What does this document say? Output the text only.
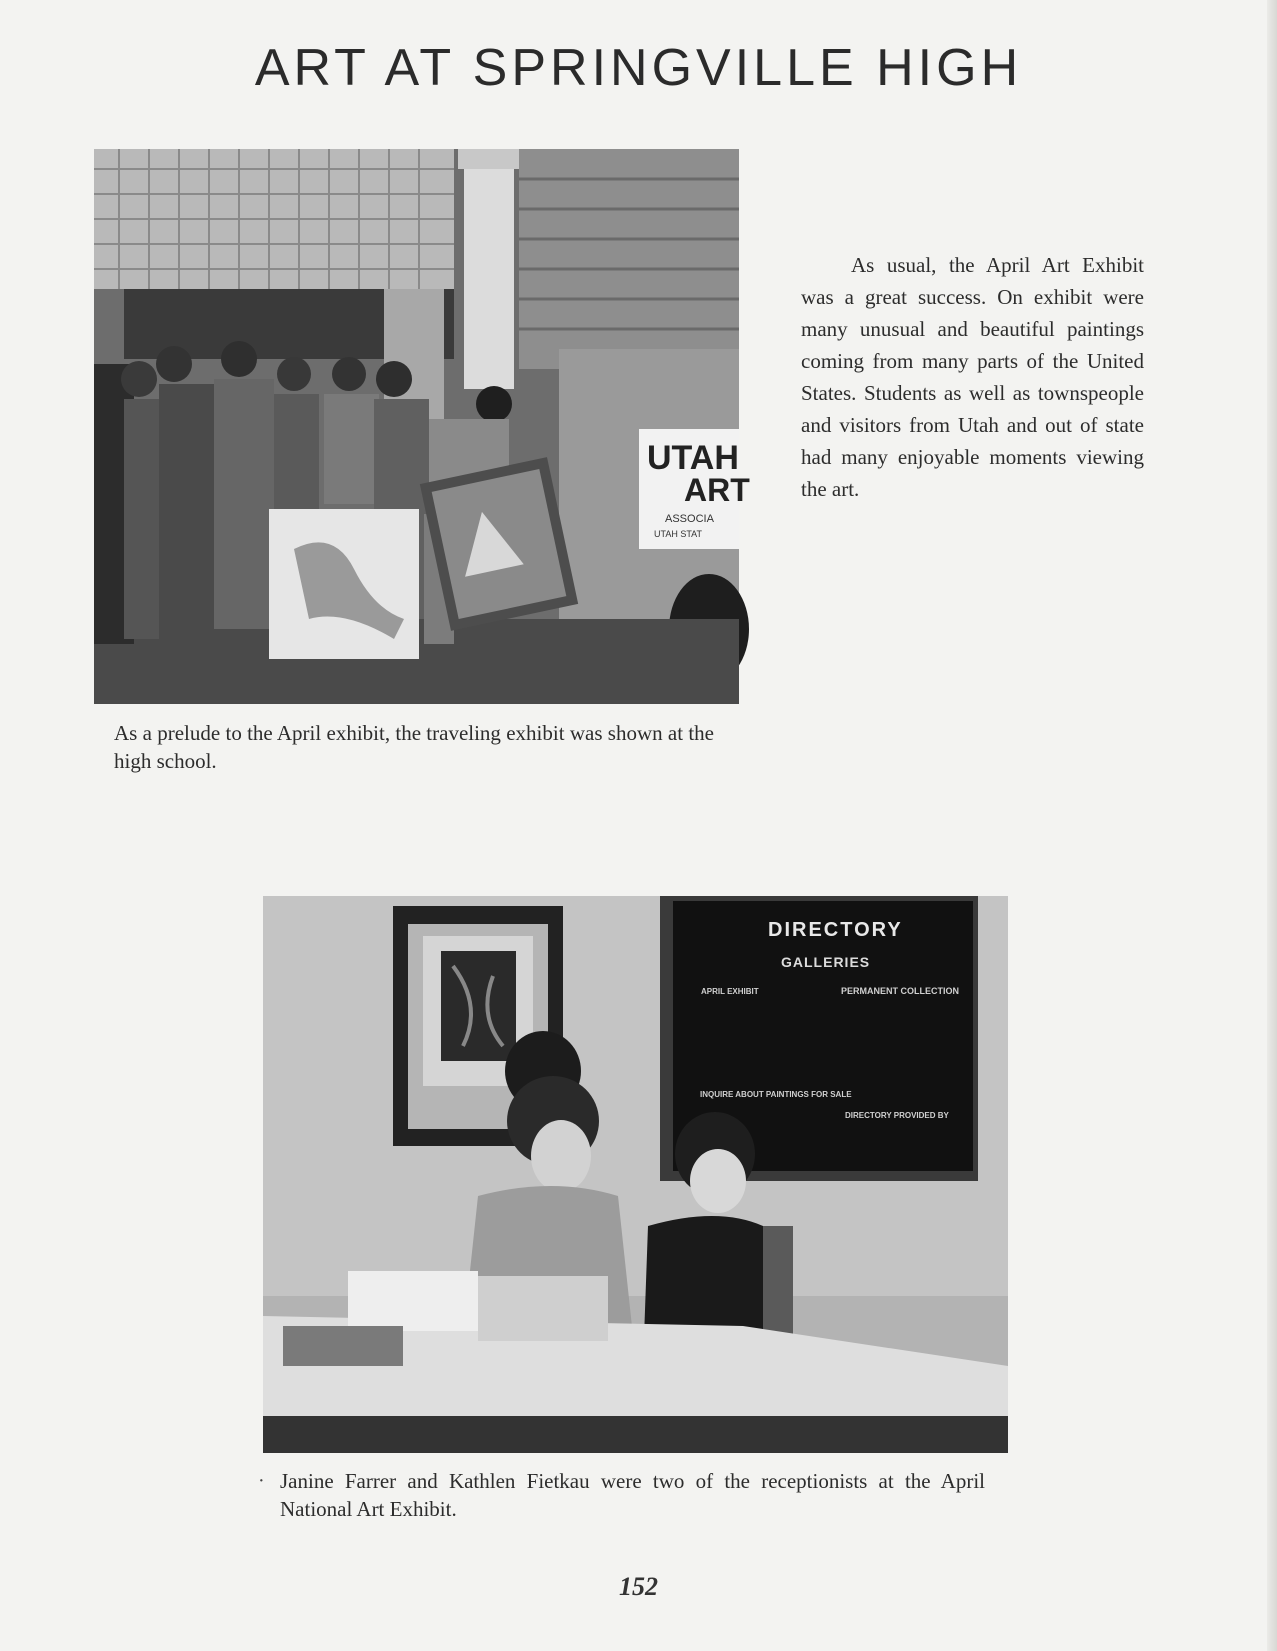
ART AT SPRINGVILLE HIGH
UTAH
ART
ASSOCIA
UTAH STAT
As a prelude to the April exhibit, the traveling exhibit was shown at the high school.
As usual, the April Art Exhibit was a great success. On exhibit were many unusual and beautiful paintings coming from many parts of the United States. Students as well as townspeople and visitors from Utah and out of state had many enjoyable moments viewing the art.
DIRECTORY
GALLERIES
APRIL EXHIBIT	PERMANENT COLLECTION
INQUIRE ABOUT PAINTINGS FOR SALE
DIRECTORY PROVIDED BY
· Janine Farrer and Kathlen Fietkau were two of the receptionists at the April National Art Exhibit.
152
